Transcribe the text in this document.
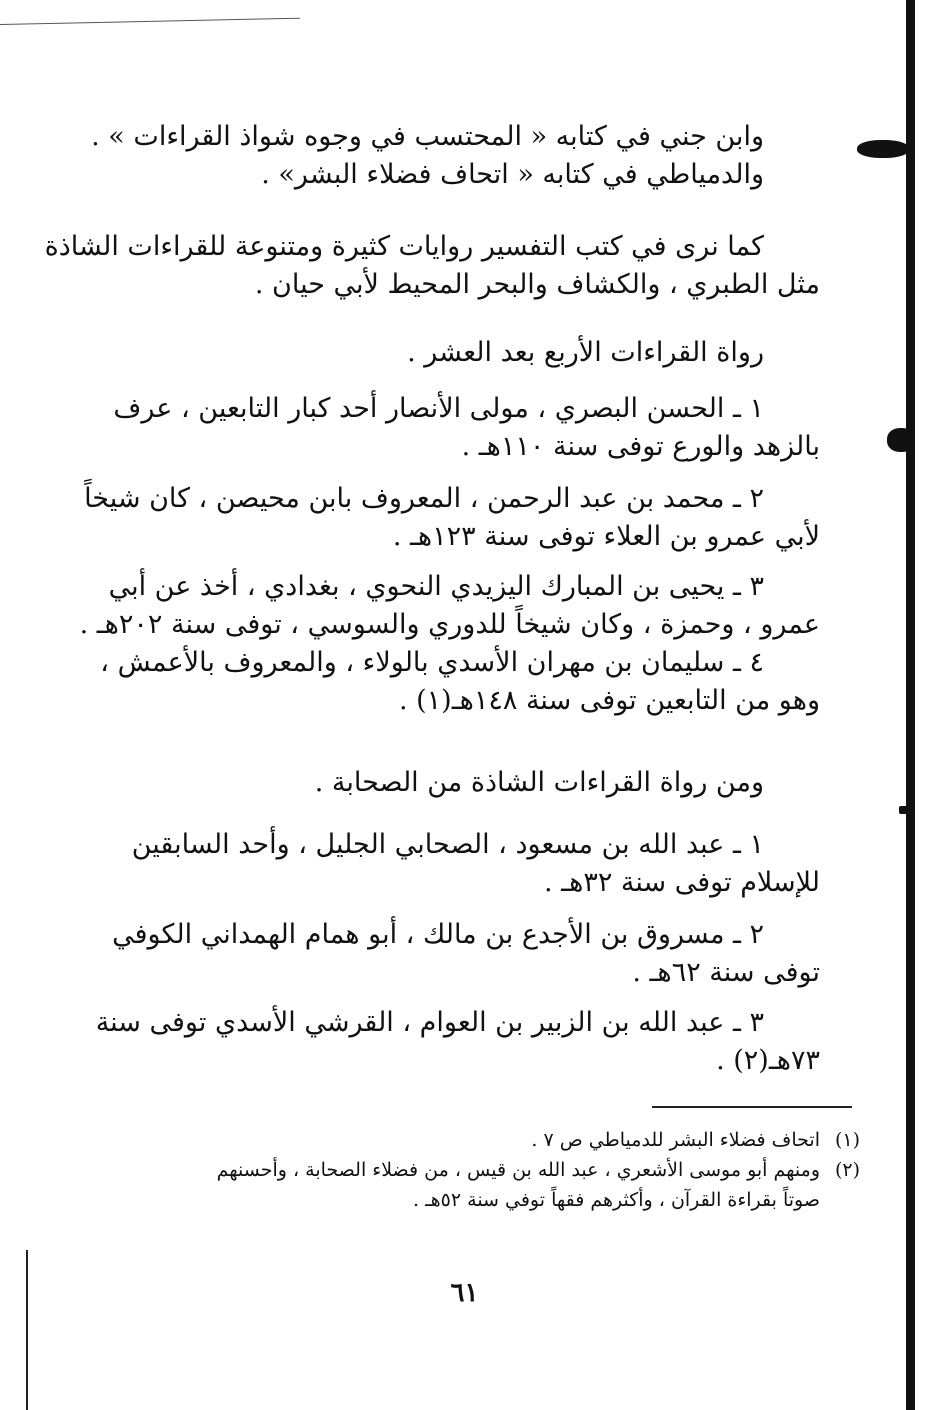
وابن جني في كتابه « المحتسب في وجوه شواذ القراءات » .
والدمياطي في كتابه « اتحاف فضلاء البشر» .
كما نرى في كتب التفسير روايات كثيرة ومتنوعة للقراءات الشاذة
مثل الطبري ، والكشاف والبحر المحيط لأبي حيان .
رواة القراءات الأربع بعد العشر .
١ ـ الحسن البصري ، مولى الأنصار أحد كبار التابعين ، عرف
بالزهد والورع توفى سنة ١١٠هـ .
٢ ـ محمد بن عبد الرحمن ، المعروف بابن محيصن ، كان شيخاً
لأبي عمرو بن العلاء توفى سنة ١٢٣هـ .
٣ ـ يحيى بن المبارك اليزيدي النحوي ، بغدادي ، أخذ عن أبي
عمرو ، وحمزة ، وكان شيخاً للدوري والسوسي ، توفى سنة ٢٠٢هـ .
٤ ـ سليمان بن مهران الأسدي بالولاء ، والمعروف بالأعمش ،
وهو من التابعين توفى سنة ١٤٨هـ(١) .
ومن رواة القراءات الشاذة من الصحابة .
١ ـ عبد الله بن مسعود ، الصحابي الجليل ، وأحد السابقين
للإسلام توفى سنة ٣٢هـ .
٢ ـ مسروق بن الأجدع بن مالك ، أبو همام الهمداني الكوفي
توفى سنة ٦٢هـ .
٣ ـ عبد الله بن الزبير بن العوام ، القرشي الأسدي توفى سنة
٧٣هـ(٢) .
(١)اتحاف فضلاء البشر للدمياطي ص ٧ .
(٢)ومنهم أبو موسى الأشعري ، عبد الله بن قيس ، من فضلاء الصحابة ، وأحسنهم
صوتاً بقراءة القرآن ، وأكثرهم فقهاً توفي سنة ٥٢هـ .
٦١
